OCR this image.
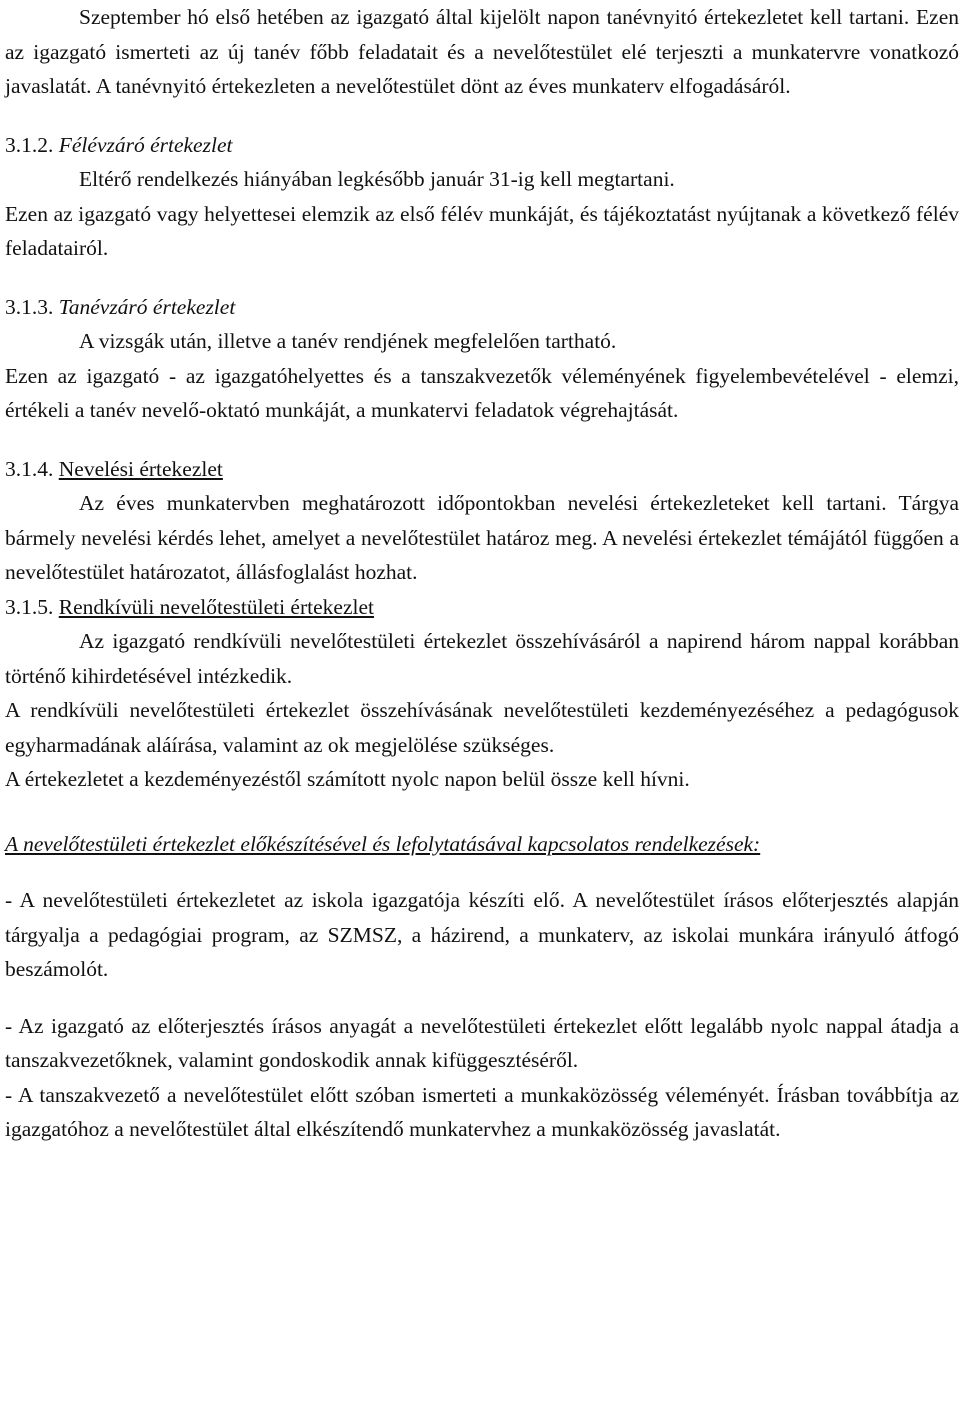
Szeptember hó első hetében az igazgató által kijelölt napon tanévnyitó értekezletet kell tartani. Ezen az igazgató ismerteti az új tanév főbb feladatait és a nevelőtestület elé terjeszti a munkatervre vonatkozó javaslatát. A tanévnyitó értekezleten a nevelőtestület dönt az éves munkaterv elfogadásáról.

3.1.2. Félévzáró értekezlet

Eltérő rendelkezés hiányában legkésőbb január 31-ig kell megtartani.

Ezen az igazgató vagy helyettesei elemzik az első félév munkáját, és tájékoztatást nyújtanak a következő félév feladatairól.

3.1.3. Tanévzáró értekezlet

A vizsgák után, illetve a tanév rendjének megfelelően tartható.

Ezen az igazgató - az igazgatóhelyettes és a tanszakvezetők véleményének figyelembevételével - elemzi, értékeli a tanév nevelő-oktató munkáját, a munkatervi feladatok végrehajtását.

3.1.4. Nevelési értekezlet

Az éves munkatervben meghatározott időpontokban nevelési értekezleteket kell tartani. Tárgya bármely nevelési kérdés lehet, amelyet a nevelőtestület határoz meg. A nevelési értekezlet témájától függően a nevelőtestület határozatot, állásfoglalást hozhat.

3.1.5. Rendkívüli nevelőtestületi értekezlet

Az igazgató rendkívüli nevelőtestületi értekezlet összehívásáról a napirend három nappal korábban történő kihirdetésével intézkedik.

A rendkívüli nevelőtestületi értekezlet összehívásának nevelőtestületi kezdeményezéséhez a pedagógusok egyharmadának aláírása, valamint az ok megjelölése szükséges.

A értekezletet a kezdeményezéstől számított nyolc napon belül össze kell hívni.

A nevelőtestületi értekezlet előkészítésével és lefolytatásával kapcsolatos rendelkezések:

- A nevelőtestületi értekezletet az iskola igazgatója készíti elő. A nevelőtestület írásos előterjesztés alapján tárgyalja a pedagógiai program, az SZMSZ, a házirend, a munkaterv, az iskolai munkára irányuló átfogó beszámolót.

- Az igazgató az előterjesztés írásos anyagát a nevelőtestületi értekezlet előtt legalább nyolc nappal átadja a tanszakvezetőknek, valamint gondoskodik annak kifüggesztéséről.

- A tanszakvezető a nevelőtestület előtt szóban ismerteti a munkaközösség véleményét. Írásban továbbítja az igazgatóhoz a nevelőtestület által elkészítendő munkatervhez a munkaközösség javaslatát.
